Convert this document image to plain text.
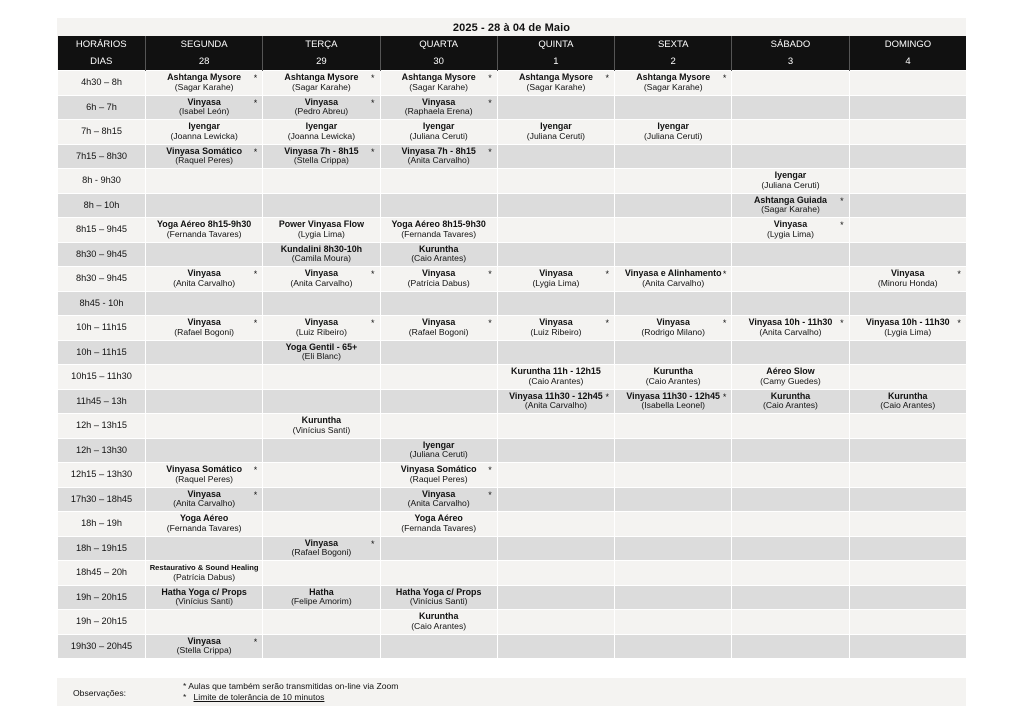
2025 - 28 à 04 de Maio
HORÁRIOS	SEGUNDA	TERÇA	QUARTA	QUINTA	SEXTA	SÁBADO	DOMINGO
DIAS	28	29	30	1	2	3	4
4h30 – 8h	Ashtanga Mysore
(Sagar Karahe)
*	Ashtanga Mysore
(Sagar Karahe)
*	Ashtanga Mysore
(Sagar Karahe)
*	Ashtanga Mysore
(Sagar Karahe)
*	Ashtanga Mysore
(Sagar Karahe)
*		

6h – 7h	Vinyasa
(Isabel León)
*	Vinyasa
(Pedro Abreu)
*	Vinyasa
(Raphaela Erena)
*				

7h – 8h15	Iyengar
(Joanna Lewicka)	Iyengar
(Joanna Lewicka)	Iyengar
(Juliana Ceruti)	Iyengar
(Juliana Ceruti)	Iyengar
(Juliana Ceruti)		

7h15 – 8h30	Vinyasa Somático
(Raquel Peres)
*	Vinyasa 7h - 8h15
(Stella Crippa)
*	Vinyasa 7h - 8h15
(Anita Carvalho)
*				

8h - 9h30						Iyengar
(Juliana Ceruti)	

8h – 10h						Ashtanga Guiada
(Sagar Karahe)
*	

8h15 – 9h45	Yoga Aéreo 8h15-9h30
(Fernanda Tavares)	Power Vinyasa Flow
(Lygia Lima)	Yoga Aéreo 8h15-9h30
(Fernanda Tavares)			Vinyasa
(Lygia Lima)
*	

8h30 – 9h45		Kundalini 8h30-10h
(Camila Moura)	Kuruntha
(Caio Arantes)				

8h30 – 9h45	Vinyasa
(Anita Carvalho)
*	Vinyasa
(Anita Carvalho)
*	Vinyasa
(Patrícia Dabus)
*	Vinyasa
(Lygia Lima)
*	Vinyasa e Alinhamento
(Anita Carvalho)
*		Vinyasa
(Minoru Honda)
*

8h45 - 10h							
10h – 11h15	Vinyasa
(Rafael Bogoni)
*	Vinyasa
(Luiz Ribeiro)
*	Vinyasa
(Rafael Bogoni)
*	Vinyasa
(Luiz Ribeiro)
*	Vinyasa
(Rodrigo Milano)
*	Vinyasa 10h - 11h30
(Anita Carvalho)
*	Vinyasa 10h - 11h30
(Lygia Lima)
*

10h – 11h15		Yoga Gentil - 65+
(Eli Blanc)					

10h15 – 11h30				Kuruntha 11h - 12h15
(Caio Arantes)	Kuruntha
(Caio Arantes)	Aéreo Slow
(Camy Guedes)	

11h45 – 13h				Vinyasa 11h30 - 12h45
(Anita Carvalho)
*	Vinyasa 11h30 - 12h45
(Isabella Leonel)
*	Kuruntha
(Caio Arantes)	Kuruntha
(Caio Arantes)

12h – 13h15		Kuruntha
(Vinícius Santi)					

12h – 13h30			Iyengar
(Juliana Ceruti)				

12h15 – 13h30	Vinyasa Somático
(Raquel Peres)
*		Vinyasa Somático
(Raquel Peres)
*				

17h30 – 18h45	Vinyasa
(Anita Carvalho)
*		Vinyasa
(Anita Carvalho)
*				

18h – 19h	Yoga Aéreo
(Fernanda Tavares)		Yoga Aéreo
(Fernanda Tavares)				

18h – 19h15		Vinyasa
(Rafael Bogoni)
*					

18h45 – 20h	Restaurativo & Sound Healing
(Patrícia Dabus)						

19h – 20h15	Hatha Yoga c/ Props
(Vinícius Santi)	Hatha
(Felipe Amorim)	Hatha Yoga c/ Props
(Vinícius Santi)				

19h – 20h15			Kuruntha
(Caio Arantes)				

19h30 – 20h45	Vinyasa
(Stella Crippa)
*						

Observações:
* Aulas que também serão transmitidas on-line via Zoom
*   Limite de tolerância de 10 minutos
